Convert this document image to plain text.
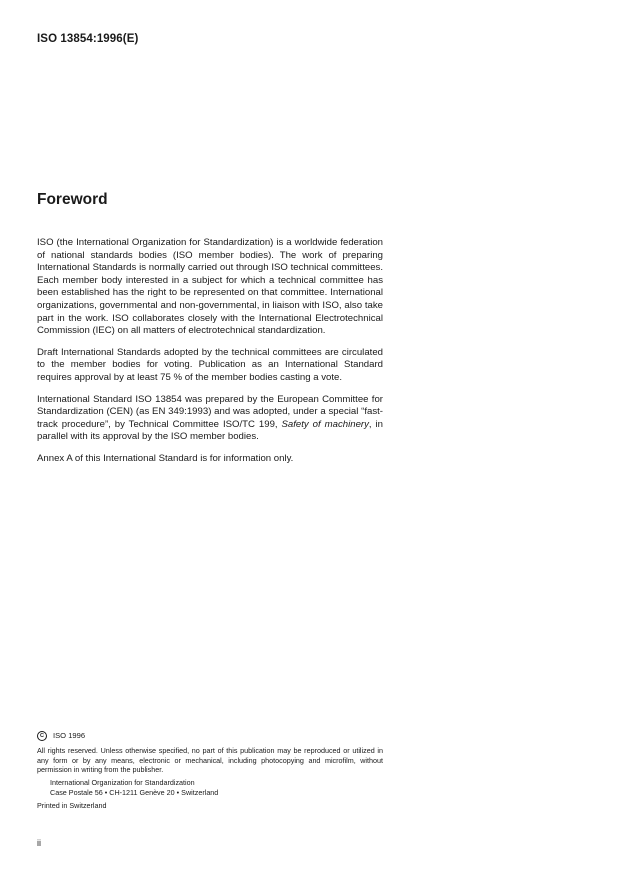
ISO 13854:1996(E)
Foreword

ISO (the International Organization for Standardization) is a worldwide federation of national standards bodies (ISO member bodies). The work of preparing International Standards is normally carried out through ISO technical committees. Each member body interested in a subject for which a technical committee has been established has the right to be represented on that committee. International organizations, governmental and non-governmental, in liaison with ISO, also take part in the work. ISO collaborates closely with the International Electrotechnical Commission (IEC) on all matters of electrotechnical standardization.

Draft International Standards adopted by the technical committees are circulated to the member bodies for voting. Publication as an International Standard requires approval by at least 75 % of the member bodies casting a vote.

International Standard ISO 13854 was prepared by the European Committee for Standardization (CEN) (as EN 349:1993) and was adopted, under a special “fast-track procedure”, by Technical Committee ISO/TC 199, Safety of machinery, in parallel with its approval by the ISO member bodies.

Annex A of this International Standard is for information only.

C	ISO 1996

All rights reserved. Unless otherwise specified, no part of this publication may be reproduced or utilized in any form or by any means, electronic or mechanical, including photocopying and microfilm, without permission in writing from the publisher.

International Organization for Standardization

Case Postale 56 • CH-1211 Genève 20 • Switzerland

Printed in Switzerland
ii
